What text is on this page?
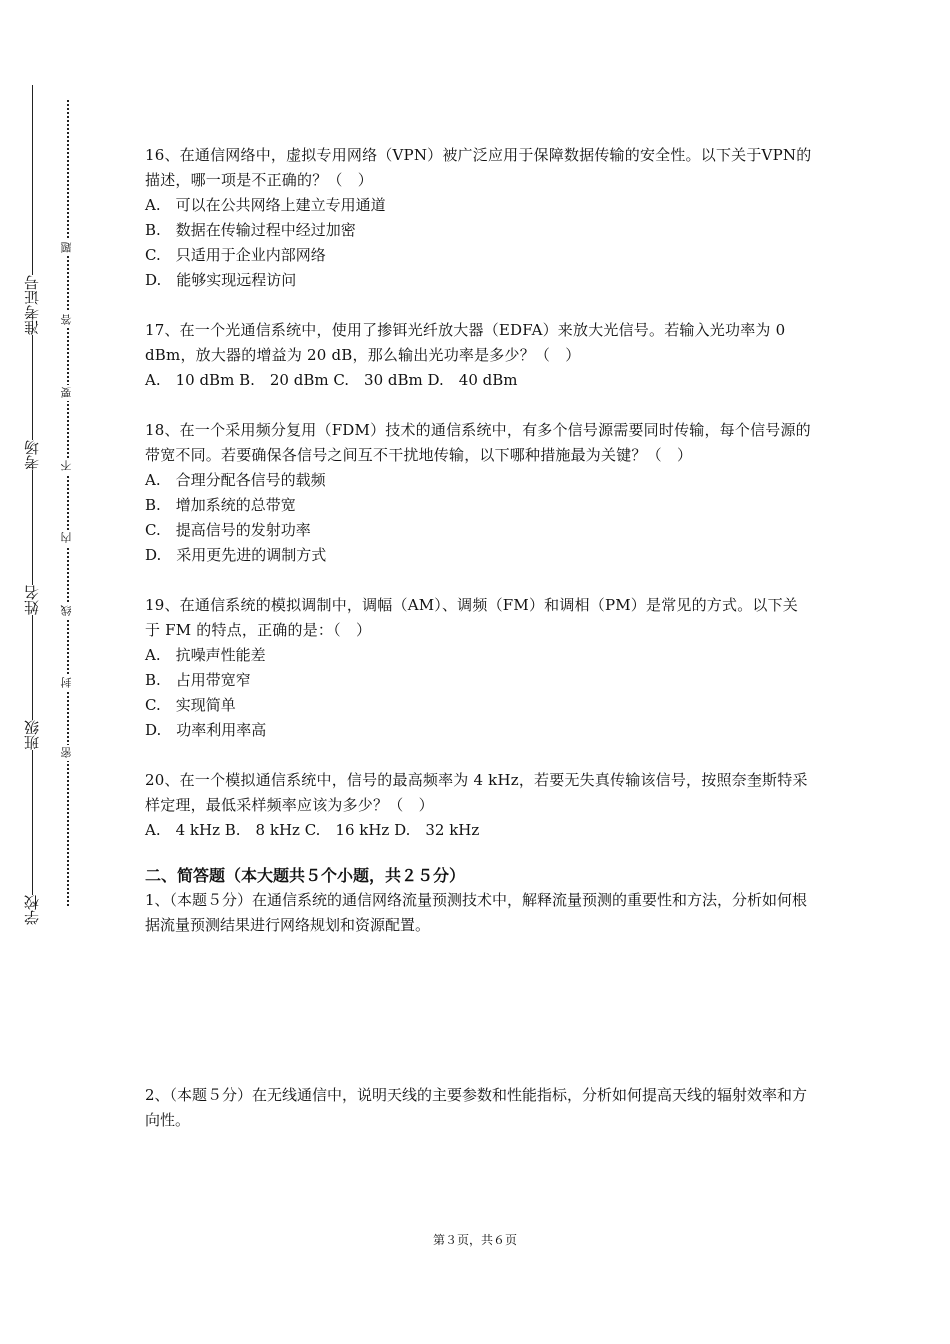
准考证号
考场
姓名
班级
学校
题
答
要
不
内
线
封
密
16、在通信网络中，虚拟专用网络（VPN）被广泛应用于保障数据传输的安全性。以下关于VPN的描述，哪一项是不正确的？（　）
A.　可以在公共网络上建立专用通道
B.　数据在传输过程中经过加密
C.　只适用于企业内部网络
D.　能够实现远程访问
17、在一个光通信系统中，使用了掺铒光纤放大器（EDFA）来放大光信号。若输入光功率为 0 dBm，放大器的增益为 20 dB，那么输出光功率是多少？（　）
A.　10 dBm B.　20 dBm C.　30 dBm D.　40 dBm
18、在一个采用频分复用（FDM）技术的通信系统中，有多个信号源需要同时传输，每个信号源的带宽不同。若要确保各信号之间互不干扰地传输，以下哪种措施最为关键？（　）
A.　合理分配各信号的载频
B.　增加系统的总带宽
C.　提高信号的发射功率
D.　采用更先进的调制方式
19、在通信系统的模拟调制中，调幅（AM）、调频（FM）和调相（PM）是常见的方式。以下关于 FM 的特点，正确的是：（　）
A.　抗噪声性能差
B.　占用带宽窄
C.　实现简单
D.　功率利用率高
20、在一个模拟通信系统中，信号的最高频率为 4 kHz，若要无失真传输该信号，按照奈奎斯特采样定理，最低采样频率应该为多少？（　）
A.　4 kHz B.　8 kHz C.　16 kHz D.　32 kHz
二、简答题（本大题共５个小题，共２５分）
1、（本题５分）在通信系统的通信网络流量预测技术中，解释流量预测的重要性和方法，分析如何根据流量预测结果进行网络规划和资源配置。
2、（本题５分）在无线通信中，说明天线的主要参数和性能指标，分析如何提高天线的辐射效率和方向性。
第３页，共６页
